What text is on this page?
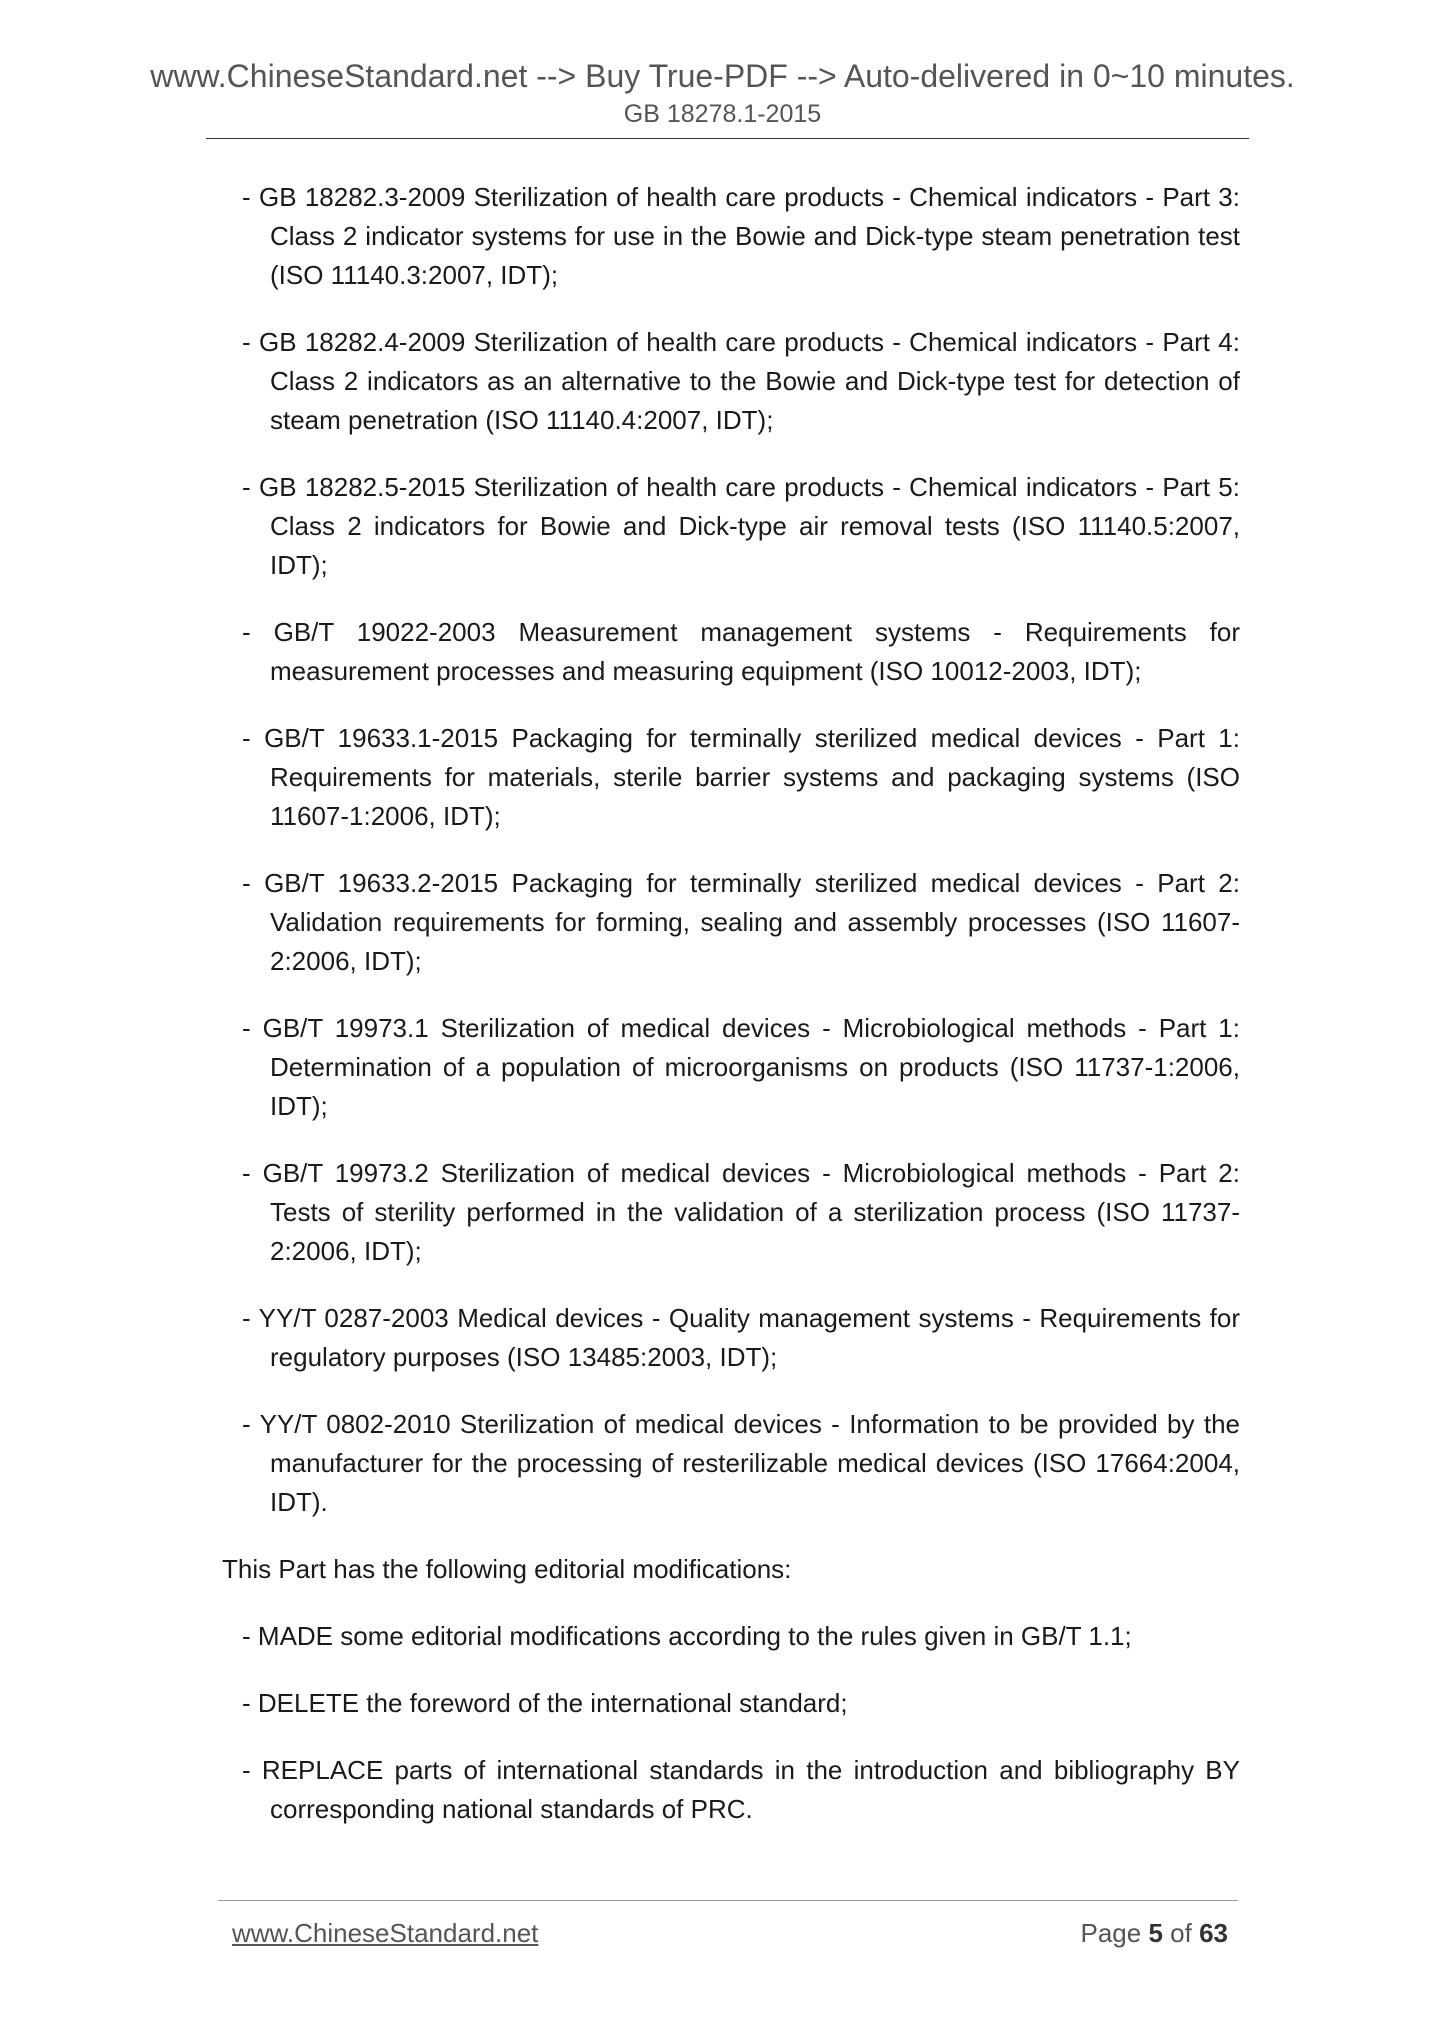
www.ChineseStandard.net --> Buy True-PDF --> Auto-delivered in 0~10 minutes.
GB 18278.1-2015

- GB 18282.3-2009 Sterilization of health care products - Chemical indicators - Part 3: Class 2 indicator systems for use in the Bowie and Dick-type steam penetration test (ISO 11140.3:2007, IDT);

- GB 18282.4-2009 Sterilization of health care products - Chemical indicators - Part 4: Class 2 indicators as an alternative to the Bowie and Dick-type test for detection of steam penetration (ISO 11140.4:2007, IDT);

- GB 18282.5-2015 Sterilization of health care products - Chemical indicators - Part 5: Class 2 indicators for Bowie and Dick-type air removal tests (ISO 11140.5:2007, IDT);

- GB/T 19022-2003 Measurement management systems - Requirements for measurement processes and measuring equipment (ISO 10012-2003, IDT);

- GB/T 19633.1-2015 Packaging for terminally sterilized medical devices - Part 1: Requirements for materials, sterile barrier systems and packaging systems (ISO 11607-1:2006, IDT);

- GB/T 19633.2-2015 Packaging for terminally sterilized medical devices - Part 2: Validation requirements for forming, sealing and assembly processes (ISO 11607-2:2006, IDT);

- GB/T 19973.1 Sterilization of medical devices - Microbiological methods - Part 1: Determination of a population of microorganisms on products (ISO 11737-1:2006, IDT);

- GB/T 19973.2 Sterilization of medical devices - Microbiological methods - Part 2: Tests of sterility performed in the validation of a sterilization process (ISO 11737-2:2006, IDT);

- YY/T 0287-2003 Medical devices - Quality management systems - Requirements for regulatory purposes (ISO 13485:2003, IDT);

- YY/T 0802-2010 Sterilization of medical devices - Information to be provided by the manufacturer for the processing of resterilizable medical devices (ISO 17664:2004, IDT).

This Part has the following editorial modifications:

- MADE some editorial modifications according to the rules given in GB/T 1.1;

- DELETE the foreword of the international standard;

- REPLACE parts of international standards in the introduction and bibliography BY corresponding national standards of PRC.

www.ChineseStandard.net	Page 5 of 63
